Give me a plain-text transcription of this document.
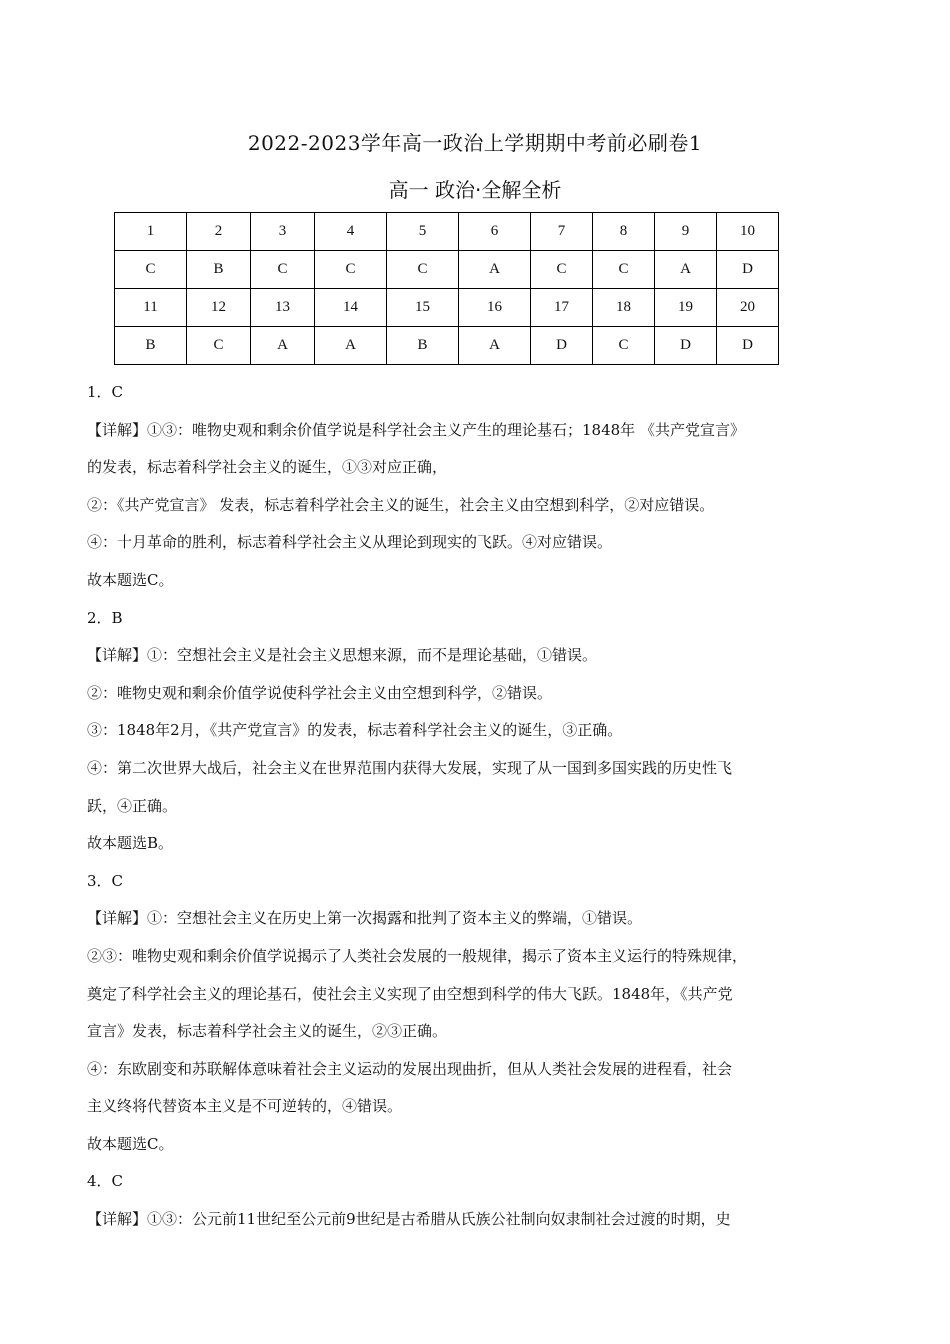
2022-2023学年高一政治上学期期中考前必刷卷1
高一 政治·全解全析
1	2	3	4	5	6	7	8	9	10
C	B	C	C	C	A	C	C	A	D
11	12	13	14	15	16	17	18	19	20
B	C	A	A	B	A	D	C	D	D

1．C

【详解】①③：唯物史观和剩余价值学说是科学社会主义产生的理论基石；1848年 《共产党宣言》

的发表，标志着科学社会主义的诞生，①③对应正确，

②：《共产党宣言》 发表，标志着科学社会主义的诞生，社会主义由空想到科学，②对应错误。

④：十月革命的胜利，标志着科学社会主义从理论到现实的飞跃。④对应错误。

故本题选C。

2．B

【详解】①：空想社会主义是社会主义思想来源，而不是理论基础，①错误。

②：唯物史观和剩余价值学说使科学社会主义由空想到科学，②错误。

③：1848年2月，《共产党宣言》的发表，标志着科学社会主义的诞生，③正确。

④：第二次世界大战后，社会主义在世界范围内获得大发展，实现了从一国到多国实践的历史性飞

跃，④正确。

故本题选B。

3．C

【详解】①：空想社会主义在历史上第一次揭露和批判了资本主义的弊端，①错误。

②③：唯物史观和剩余价值学说揭示了人类社会发展的一般规律，揭示了资本主义运行的特殊规律，

奠定了科学社会主义的理论基石，使社会主义实现了由空想到科学的伟大飞跃。1848年，《共产党

宣言》发表，标志着科学社会主义的诞生，②③正确。

④：东欧剧变和苏联解体意味着社会主义运动的发展出现曲折，但从人类社会发展的进程看，社会

主义终将代替资本主义是不可逆转的，④错误。

故本题选C。

4．C

【详解】①③：公元前11世纪至公元前9世纪是古希腊从氏族公社制向奴隶制社会过渡的时期，史
